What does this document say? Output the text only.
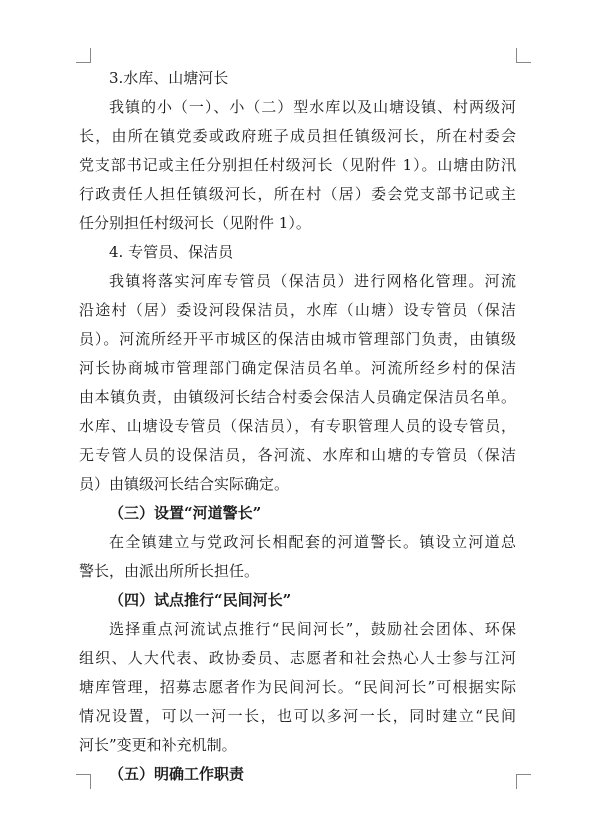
3.水库、山塘河长
我镇的小（一）、小（二）型水库以及山塘设镇、村两级河
长，由所在镇党委或政府班子成员担任镇级河长，所在村委会
党支部书记或主任分别担任村级河长（见附件 1）。山塘由防汛
行政责任人担任镇级河长，所在村（居）委会党支部书记或主
任分别担任村级河长（见附件 1）。
4. 专管员、保洁员
我镇将落实河库专管员（保洁员）进行网格化管理。河流
沿途村（居）委设河段保洁员，水库（山塘）设专管员（保洁
员）。河流所经开平市城区的保洁由城市管理部门负责，由镇级
河长协商城市管理部门确定保洁员名单。河流所经乡村的保洁
由本镇负责，由镇级河长结合村委会保洁人员确定保洁员名单。
水库、山塘设专管员（保洁员），有专职管理人员的设专管员，
无专管人员的设保洁员，各河流、水库和山塘的专管员（保洁
员）由镇级河长结合实际确定。
（三）设置“河道警长”
在全镇建立与党政河长相配套的河道警长。镇设立河道总
警长，由派出所所长担任。
（四）试点推行“民间河长”
选择重点河流试点推行“民间河长”，鼓励社会团体、环保
组织、人大代表、政协委员、志愿者和社会热心人士参与江河
塘库管理，招募志愿者作为民间河长。“民间河长”可根据实际
情况设置，可以一河一长，也可以多河一长，同时建立“民间
河长”变更和补充机制。
（五）明确工作职责
